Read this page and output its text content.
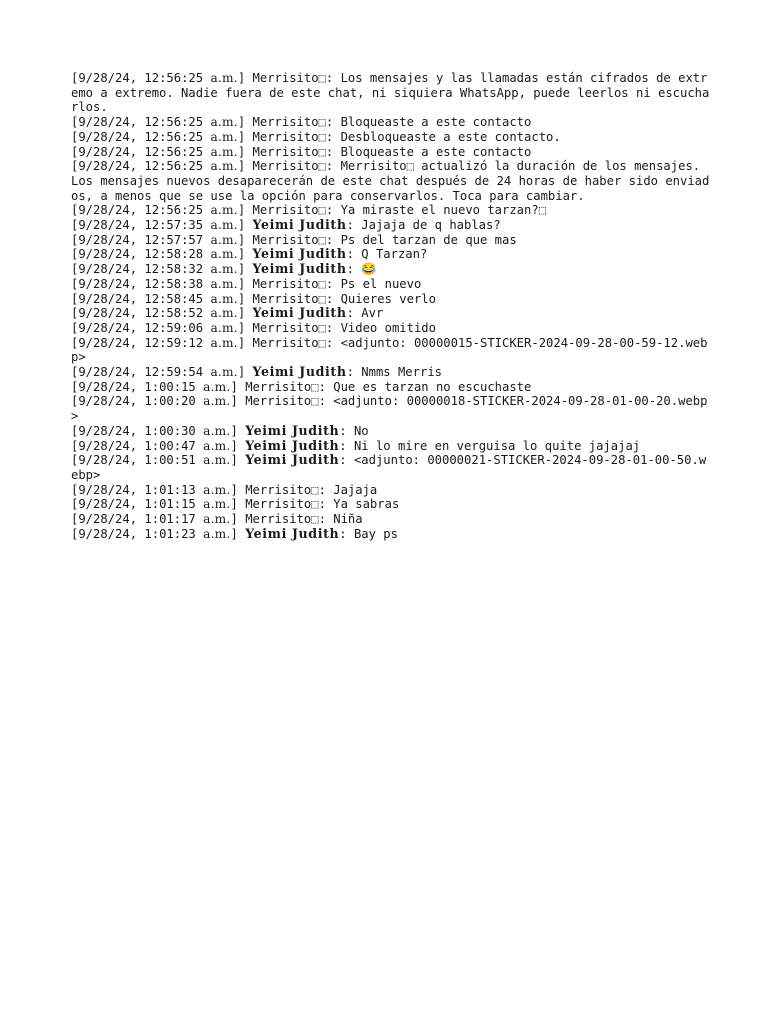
[9/28/24, 12:56:25 a.m.] Merrisito⬚: Los mensajes y las llamadas están cifrados de extremo a extremo. Nadie fuera de este chat, ni siquiera WhatsApp, puede leerlos ni escucharlos.
[9/28/24, 12:56:25 a.m.] Merrisito⬚: Bloqueaste a este contacto
[9/28/24, 12:56:25 a.m.] Merrisito⬚: Desbloqueaste a este contacto.
[9/28/24, 12:56:25 a.m.] Merrisito⬚: Bloqueaste a este contacto
[9/28/24, 12:56:25 a.m.] Merrisito⬚: Merrisito⬚ actualizó la duración de los mensajes. Los mensajes nuevos desaparecerán de este chat después de 24 horas de haber sido enviados, a menos que se use la opción para conservarlos. Toca para cambiar.
[9/28/24, 12:56:25 a.m.] Merrisito⬚: Ya miraste el nuevo tarzan?⬚
[9/28/24, 12:57:35 a.m.] Yeimi Judith: Jajaja de q hablas?
[9/28/24, 12:57:57 a.m.] Merrisito⬚: Ps del tarzan de que mas
[9/28/24, 12:58:28 a.m.] Yeimi Judith: Q Tarzan?
[9/28/24, 12:58:32 a.m.] Yeimi Judith: 😂
[9/28/24, 12:58:38 a.m.] Merrisito⬚: Ps el nuevo
[9/28/24, 12:58:45 a.m.] Merrisito⬚: Quieres verlo
[9/28/24, 12:58:52 a.m.] Yeimi Judith: Avr
[9/28/24, 12:59:06 a.m.] Merrisito⬚: Video omitido
[9/28/24, 12:59:12 a.m.] Merrisito⬚: <adjunto: 00000015-STICKER-2024-09-28-00-59-12.webp>
[9/28/24, 12:59:54 a.m.] Yeimi Judith: Nmms Merris
[9/28/24, 1:00:15 a.m.] Merrisito⬚: Que es tarzan no escuchaste
[9/28/24, 1:00:20 a.m.] Merrisito⬚: <adjunto: 00000018-STICKER-2024-09-28-01-00-20.webp>
[9/28/24, 1:00:30 a.m.] Yeimi Judith: No
[9/28/24, 1:00:47 a.m.] Yeimi Judith: Ni lo mire en verguisa lo quite jajajaj
[9/28/24, 1:00:51 a.m.] Yeimi Judith: <adjunto: 00000021-STICKER-2024-09-28-01-00-50.webp>
[9/28/24, 1:01:13 a.m.] Merrisito⬚: Jajaja
[9/28/24, 1:01:15 a.m.] Merrisito⬚: Ya sabras
[9/28/24, 1:01:17 a.m.] Merrisito⬚: Niña
[9/28/24, 1:01:23 a.m.] Yeimi Judith: Bay ps
